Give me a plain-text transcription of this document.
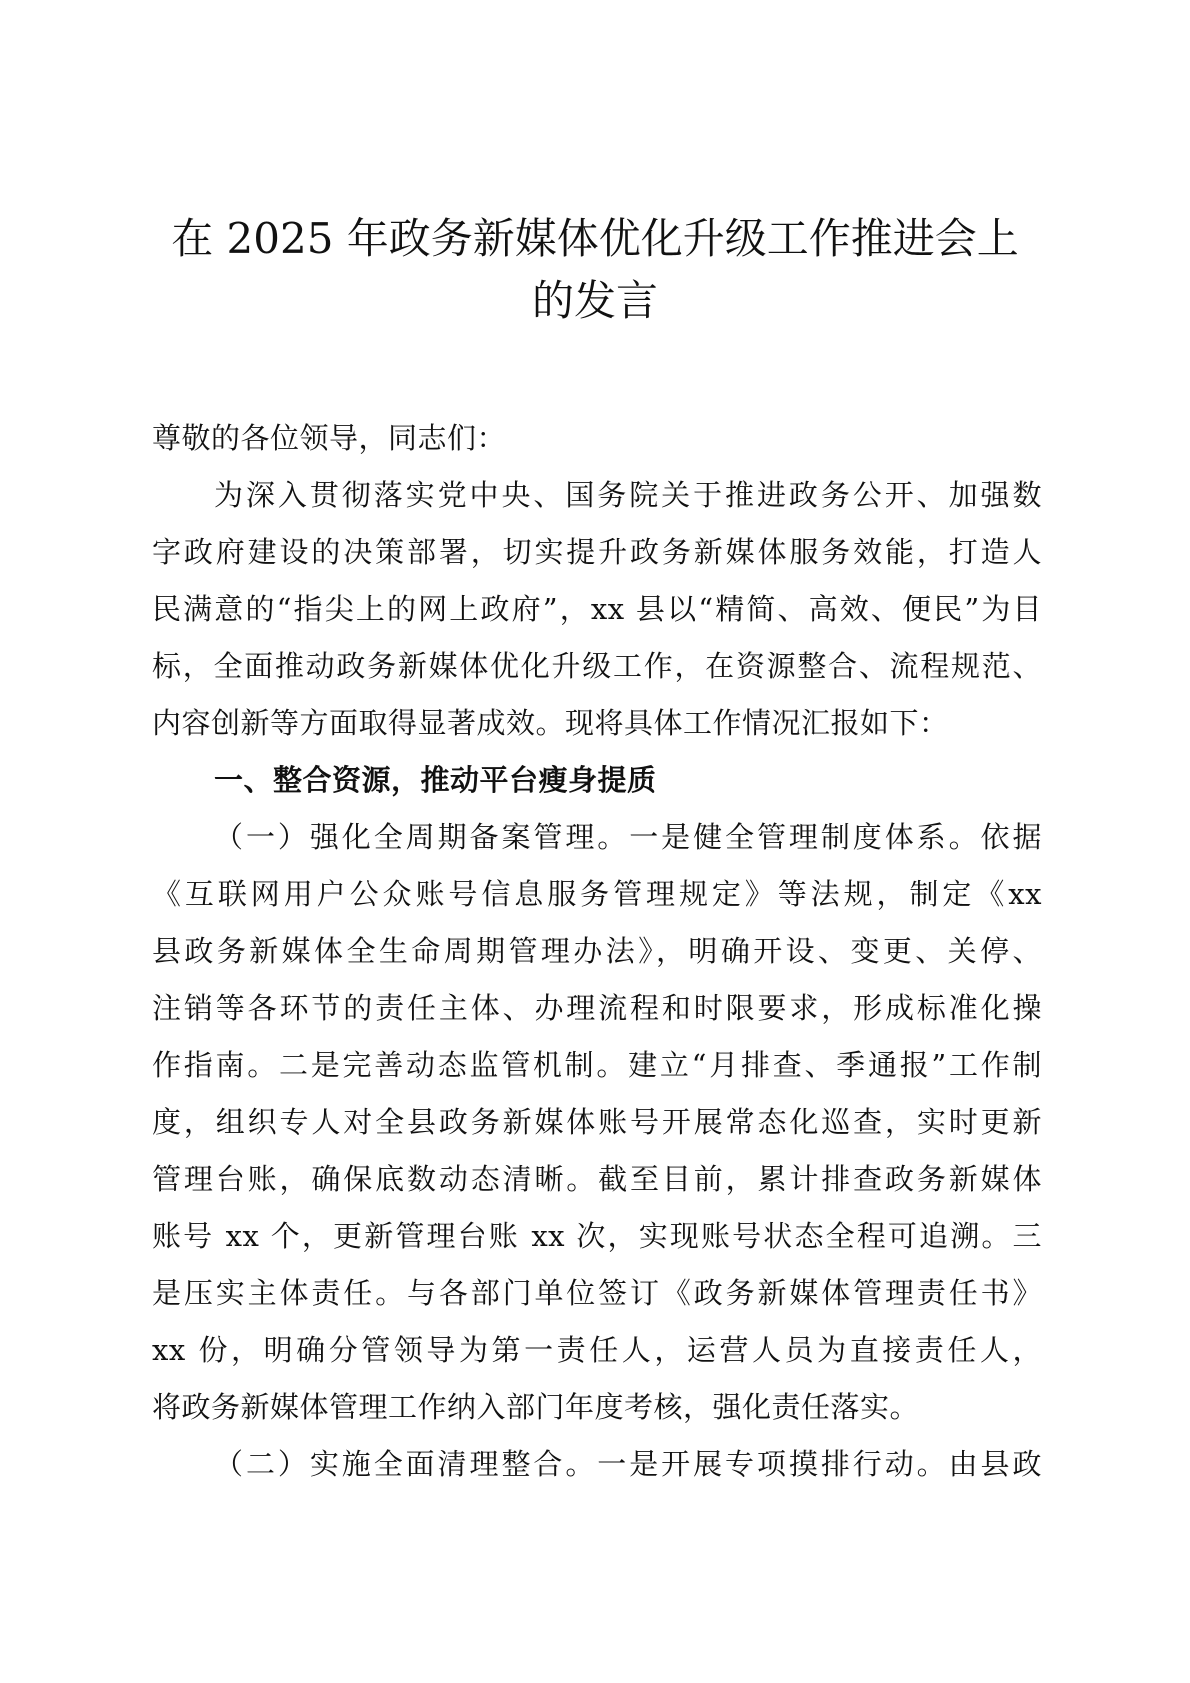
在 2025 年政务新媒体优化升级工作推进会上
的发言
尊敬的各位领导，同志们：
为深入贯彻落实党中央、国务院关于推进政务公开、加强数
字政府建设的决策部署，切实提升政务新媒体服务效能，打造人
民满意的“指尖上的网上政府”，xx 县以“精简、高效、便民”为目
标，全面推动政务新媒体优化升级工作，在资源整合、流程规范、
内容创新等方面取得显著成效。现将具体工作情况汇报如下：
一、整合资源，推动平台瘦身提质
（一）强化全周期备案管理。一是健全管理制度体系。依据
《互联网用户公众账号信息服务管理规定》等法规，制定《xx
县政务新媒体全生命周期管理办法》，明确开设、变更、关停、
注销等各环节的责任主体、办理流程和时限要求，形成标准化操
作指南。二是完善动态监管机制。建立“月排查、季通报”工作制
度，组织专人对全县政务新媒体账号开展常态化巡查，实时更新
管理台账，确保底数动态清晰。截至目前，累计排查政务新媒体
账号 xx 个，更新管理台账 xx 次，实现账号状态全程可追溯。三
是压实主体责任。与各部门单位签订《政务新媒体管理责任书》
xx 份，明确分管领导为第一责任人，运营人员为直接责任人，
将政务新媒体管理工作纳入部门年度考核，强化责任落实。
（二）实施全面清理整合。一是开展专项摸排行动。由县政
